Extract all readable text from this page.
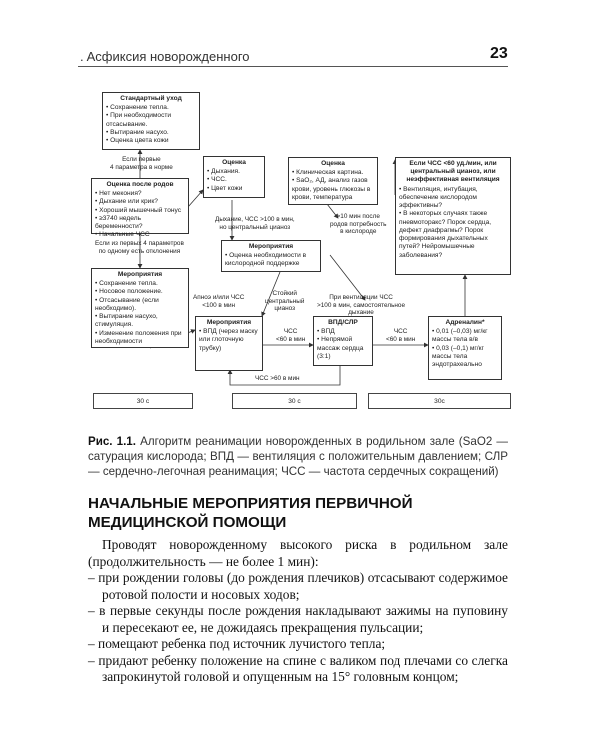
. Асфиксия новорожденного	23
Стандартный уход
• Сохранение тепла.
• При необходимости отсасывание.
• Вытирание насухо.
• Оценка цвета кожи
Оценка после родов
• Нет мекония?
• Дыхание или крик?
• Хороший мышечный тонус
• ≥3740 недель беременности?
• Начальные ЧСС
Мероприятия
• Сохранение тепла.
• Носовое положение.
• Отсасывание (если необходимо).
• Вытирание насухо, стимуляция.
• Изменение положения при необходимости
Оценка
• Дыхания.
• ЧСС.
• Цвет кожи
Мероприятия
• Оценка необходимости в кислородной поддержке
Оценка
• Клиническая картина.
• SaO₂, АД, анализ газов крови, уровень глюкозы в крови, температура
Если ЧСС <60 уд./мин, или центральный цианоз, или неэффективная вентиляция
• Вентиляция, интубация, обеспечение кислородом эффективны?
• В некоторых случаях также пневмоторакс? Порок сердца, дефект диафрагмы? Порок формирования дыхательных путей? Нейромышечные заболевания?
Мероприятия
• ВПД (через маску или глоточную трубку)
ВПД/СЛР
• ВПД
• Непрямой массаж сердца (3:1)
Адреналин*
• 0,01 (–0,03) мг/кг массы тела в/в
• 0,03 (–0,1) мг/кг массы тела эндотрахеально
Если первые
4 параметра в норме
Если из первых 4 параметров
по одному есть отклонения
Дыхание, ЧСС >100 в мин,
но центральный цианоз
>10 мин после
родов потребность
в кислороде
Апноэ и/или ЧСС
<100 в мин
Стойкий
центральный
цианоз
При вентиляции ЧСС
>100 в мин, самостоятельное
дыхание
ЧСС
<60 в мин
ЧСС
<60 в мин
ЧСС >60 в мин
30 с	30 с	30с
Рис. 1.1. Алгоритм реанимации новорожденных в родильном зале (SaO2 — сатурация кислорода; ВПД — вентиляция с положительным давлением; СЛР — сердечно-легочная реанимация; ЧСС — частота сердечных сокращений)
НАЧАЛЬНЫЕ МЕРОПРИЯТИЯ ПЕРВИЧНОЙ МЕДИЦИНСКОЙ ПОМОЩИ

Проводят новорожденному высокого риска в родильном зале (продолжительность — не более 1 мин):

– при рождении головы (до рождения плечиков) отсасывают содержимое ротовой полости и носовых ходов;
– в первые секунды после рождения накладывают зажимы на пуповину и пересекают ее, не дожидаясь прекращения пульсации;
– помещают ребенка под источник лучистого тепла;
– придают ребенку положение на спине с валиком под плечами со слегка запрокинутой головой и опущенным на 15° головным концом;
